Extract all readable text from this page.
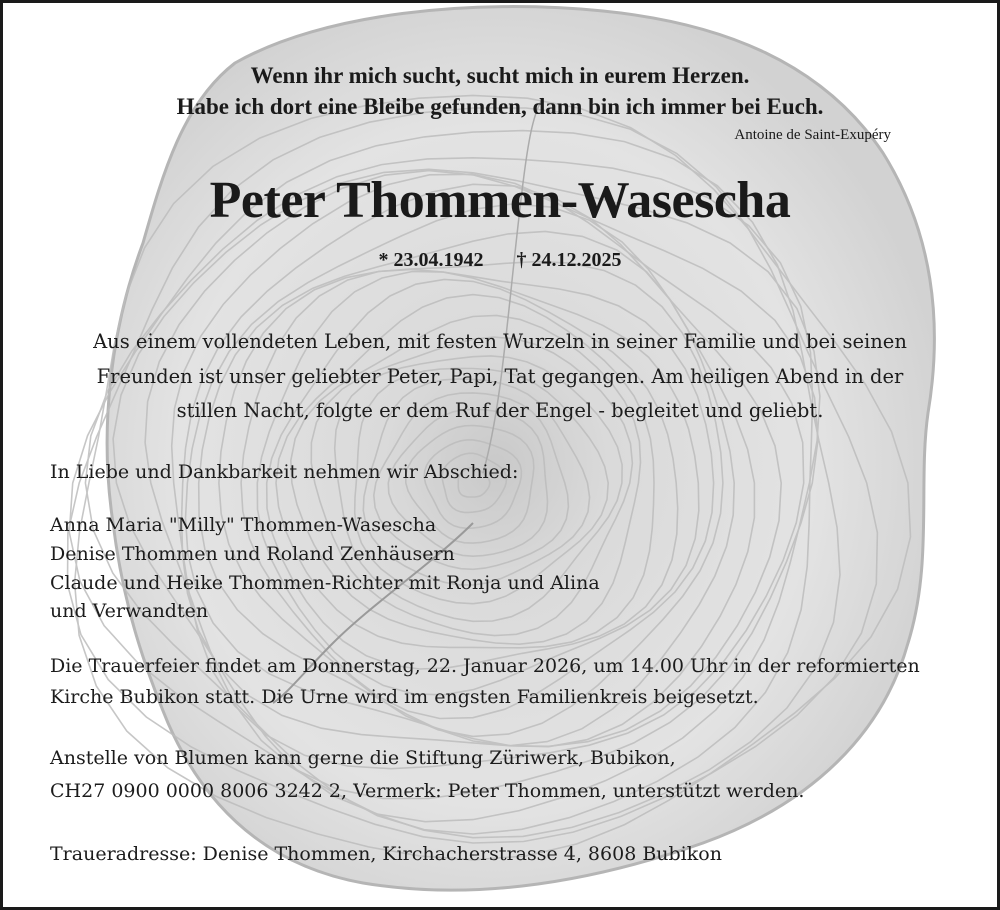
Wenn ihr mich sucht, sucht mich in eurem Herzen.
Habe ich dort eine Bleibe gefunden, dann bin ich immer bei Euch.
Antoine de Saint-Exupéry
Peter Thommen-Wasescha
* 23.04.1942 † 24.12.2025
Aus einem vollendeten Leben, mit festen Wurzeln in seiner Familie und bei seinen
Freunden ist unser geliebter Peter, Papi, Tat gegangen. Am heiligen Abend in der
stillen Nacht, folgte er dem Ruf der Engel - begleitet und geliebt.
In Liebe und Dankbarkeit nehmen wir Abschied:
Anna Maria "Milly" Thommen-Wasescha
Denise Thommen und Roland Zenhäusern
Claude und Heike Thommen-Richter mit Ronja und Alina
und Verwandten
Die Trauerfeier findet am Donnerstag, 22. Januar 2026, um 14.00 Uhr in der reformierten
Kirche Bubikon statt. Die Urne wird im engsten Familienkreis beigesetzt.
Anstelle von Blumen kann gerne die Stiftung Züriwerk, Bubikon,
CH27 0900 0000 8006 3242 2, Vermerk: Peter Thommen, unterstützt werden.
Traueradresse: Denise Thommen, Kirchacherstrasse 4, 8608 Bubikon
